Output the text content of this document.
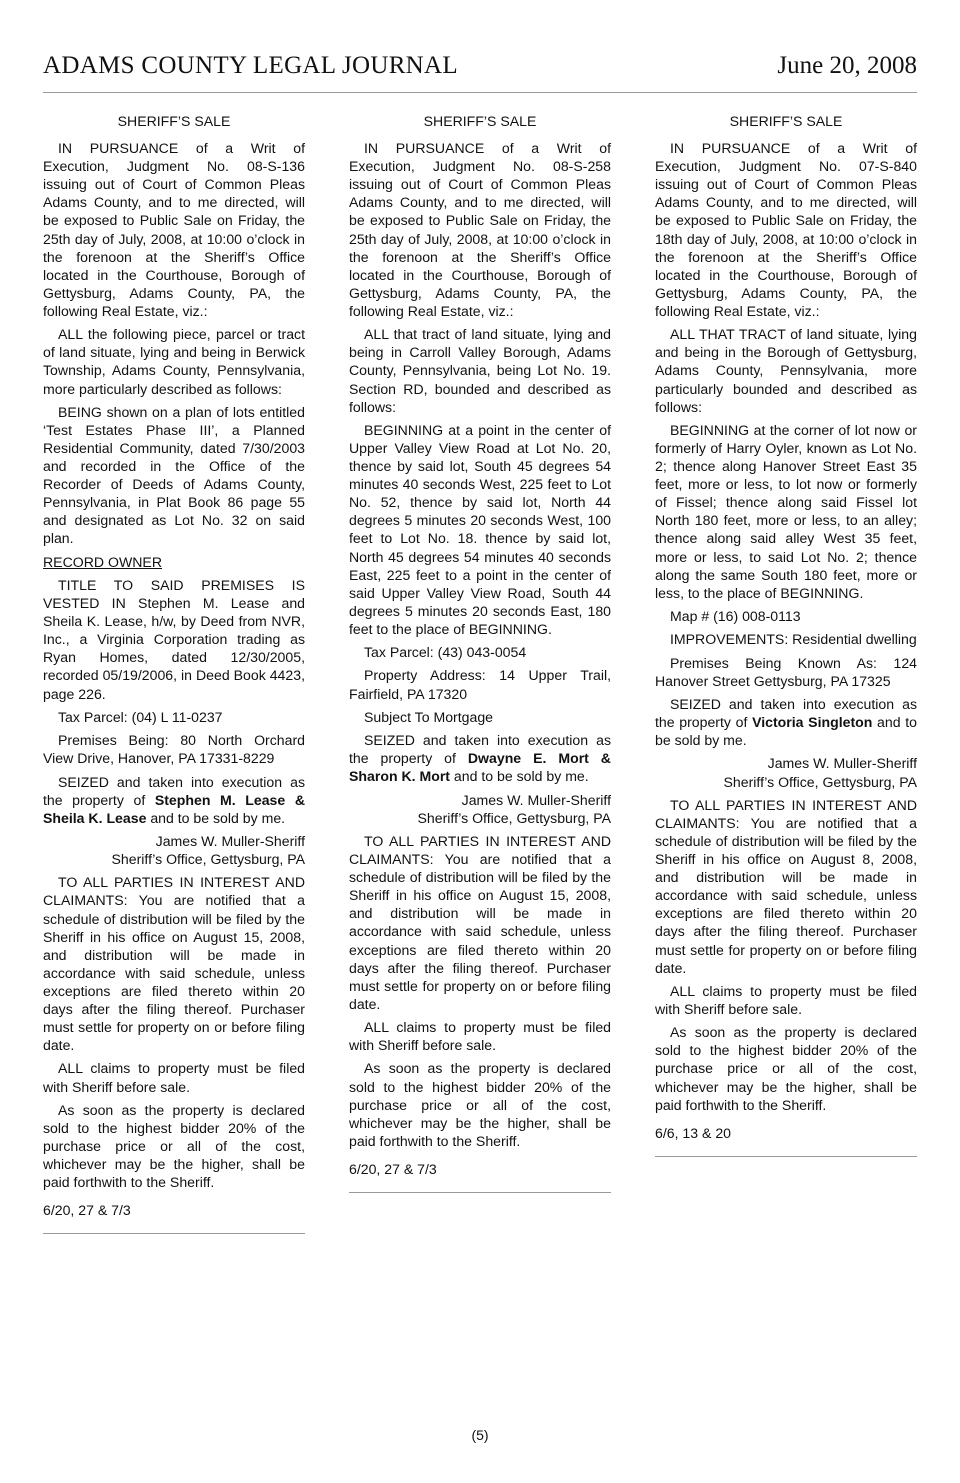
ADAMS COUNTY LEGAL JOURNAL	June 20, 2008

SHERIFF’S SALE

IN PURSUANCE of a Writ of Execution, Judgment No. 08-S-136 issuing out of Court of Common Pleas Adams County, and to me directed, will be exposed to Public Sale on Friday, the 25th day of July, 2008, at 10:00 o’clock in the forenoon at the Sheriff’s Office located in the Courthouse, Borough of Gettysburg, Adams County, PA, the following Real Estate, viz.:

ALL the following piece, parcel or tract of land situate, lying and being in Berwick Township, Adams County, Pennsylvania, more particularly described as follows:

BEING shown on a plan of lots entitled ‘Test Estates Phase III’, a Planned Residential Community, dated 7/30/2003 and recorded in the Office of the Recorder of Deeds of Adams County, Pennsylvania, in Plat Book 86 page 55 and designated as Lot No. 32 on said plan.

RECORD OWNER

TITLE TO SAID PREMISES IS VESTED IN Stephen M. Lease and Sheila K. Lease, h/w, by Deed from NVR, Inc., a Virginia Corporation trading as Ryan Homes, dated 12/30/2005, recorded 05/19/2006, in Deed Book 4423, page 226.

Tax Parcel: (04) L 11-0237

Premises Being: 80 North Orchard View Drive, Hanover, PA 17331-8229

SEIZED and taken into execution as the property of Stephen M. Lease & Sheila K. Lease and to be sold by me.

James W. Muller-Sheriff

Sheriff’s Office, Gettysburg, PA

TO ALL PARTIES IN INTEREST AND CLAIMANTS: You are notified that a schedule of distribution will be filed by the Sheriff in his office on August 15, 2008, and distribution will be made in accordance with said schedule, unless exceptions are filed thereto within 20 days after the filing thereof. Purchaser must settle for property on or before filing date.

ALL claims to property must be filed with Sheriff before sale.

As soon as the property is declared sold to the highest bidder 20% of the purchase price or all of the cost, whichever may be the higher, shall be paid forthwith to the Sheriff.

6/20, 27 & 7/3

SHERIFF’S SALE

IN PURSUANCE of a Writ of Execution, Judgment No. 08-S-258 issuing out of Court of Common Pleas Adams County, and to me directed, will be exposed to Public Sale on Friday, the 25th day of July, 2008, at 10:00 o’clock in the forenoon at the Sheriff’s Office located in the Courthouse, Borough of Gettysburg, Adams County, PA, the following Real Estate, viz.:

ALL that tract of land situate, lying and being in Carroll Valley Borough, Adams County, Pennsylvania, being Lot No. 19. Section RD, bounded and described as follows:

BEGINNING at a point in the center of Upper Valley View Road at Lot No. 20, thence by said lot, South 45 degrees 54 minutes 40 seconds West, 225 feet to Lot No. 52, thence by said lot, North 44 degrees 5 minutes 20 seconds West, 100 feet to Lot No. 18. thence by said lot, North 45 degrees 54 minutes 40 seconds East, 225 feet to a point in the center of said Upper Valley View Road, South 44 degrees 5 minutes 20 seconds East, 180 feet to the place of BEGINNING.

Tax Parcel: (43) 043-0054

Property Address: 14 Upper Trail, Fairfield, PA 17320

Subject To Mortgage

SEIZED and taken into execution as the property of Dwayne E. Mort & Sharon K. Mort and to be sold by me.

James W. Muller-Sheriff

Sheriff’s Office, Gettysburg, PA

TO ALL PARTIES IN INTEREST AND CLAIMANTS: You are notified that a schedule of distribution will be filed by the Sheriff in his office on August 15, 2008, and distribution will be made in accordance with said schedule, unless exceptions are filed thereto within 20 days after the filing thereof. Purchaser must settle for property on or before filing date.

ALL claims to property must be filed with Sheriff before sale.

As soon as the property is declared sold to the highest bidder 20% of the purchase price or all of the cost, whichever may be the higher, shall be paid forthwith to the Sheriff.

6/20, 27 & 7/3

SHERIFF’S SALE

IN PURSUANCE of a Writ of Execution, Judgment No. 07-S-840 issuing out of Court of Common Pleas Adams County, and to me directed, will be exposed to Public Sale on Friday, the 18th day of July, 2008, at 10:00 o’clock in the forenoon at the Sheriff’s Office located in the Courthouse, Borough of Gettysburg, Adams County, PA, the following Real Estate, viz.:

ALL THAT TRACT of land situate, lying and being in the Borough of Gettysburg, Adams County, Pennsylvania, more particularly bounded and described as follows:

BEGINNING at the corner of lot now or formerly of Harry Oyler, known as Lot No. 2; thence along Hanover Street East 35 feet, more or less, to lot now or formerly of Fissel; thence along said Fissel lot North 180 feet, more or less, to an alley; thence along said alley West 35 feet, more or less, to said Lot No. 2; thence along the same South 180 feet, more or less, to the place of BEGINNING.

Map # (16) 008-0113

IMPROVEMENTS: Residential dwelling

Premises Being Known As: 124 Hanover Street Gettysburg, PA 17325

SEIZED and taken into execution as the property of Victoria Singleton and to be sold by me.

James W. Muller-Sheriff

Sheriff’s Office, Gettysburg, PA

TO ALL PARTIES IN INTEREST AND CLAIMANTS: You are notified that a schedule of distribution will be filed by the Sheriff in his office on August 8, 2008, and distribution will be made in accordance with said schedule, unless exceptions are filed thereto within 20 days after the filing thereof. Purchaser must settle for property on or before filing date.

ALL claims to property must be filed with Sheriff before sale.

As soon as the property is declared sold to the highest bidder 20% of the purchase price or all of the cost, whichever may be the higher, shall be paid forthwith to the Sheriff.

6/6, 13 & 20

(5)
